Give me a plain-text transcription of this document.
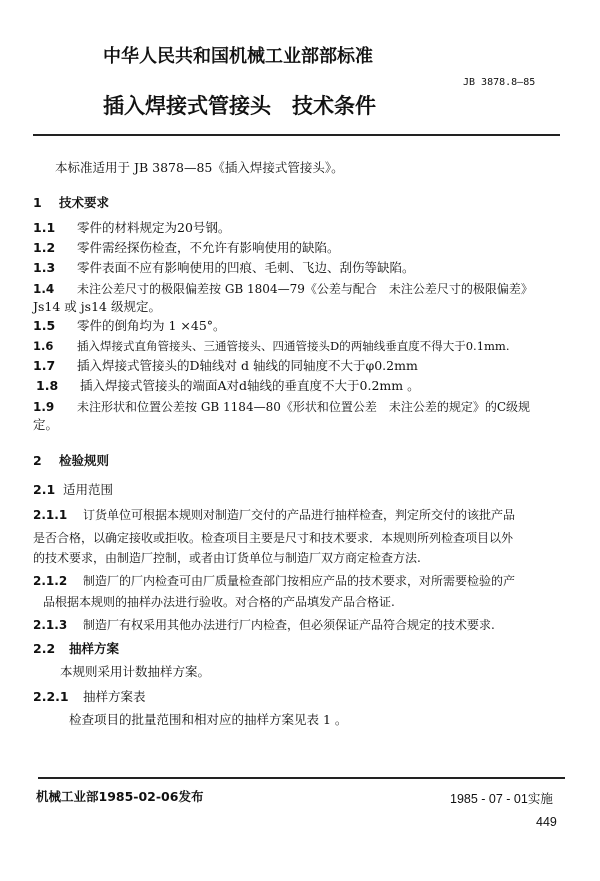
中华人民共和国机械工业部部标准
JB 3878.8—85
插入焊接式管接头　技术条件
本标准适用于 JB 3878—85《插入焊接式管接头》。
1 技术要求
1.1 零件的材料规定为20号钢。
1.2 零件需经探伤检查，不允许有影响使用的缺陷。
1.3 零件表面不应有影响使用的凹痕、毛刺、飞边、刮伤等缺陷。
1.4 未注公差尺寸的极限偏差按 GB 1804—79《公差与配合　未注公差尺寸的极限偏差》
Js14 或 js14 级规定。
1.5 零件的倒角均为 1 ×45°。
1.6 插入焊接式直角管接头、三通管接头、四通管接头D的两轴线垂直度不得大于0.1mm.
1.7 插入焊接式管接头的D轴线对 d 轴线的同轴度不大于φ0.2mm
1.8 插入焊接式管接头的端面A对d轴线的垂直度不大于0.2mm 。
1.9 未注形状和位置公差按 GB 1184—80《形状和位置公差　未注公差的规定》的C级规
定。
2 检验规则
2.1 适用范围
2.1.1 订货单位可根据本规则对制造厂交付的产品进行抽样检查，判定所交付的该批产品
是否合格，以确定接收或拒收。检查项目主要是尺寸和技术要求．本规则所列检查项目以外
的技术要求，由制造厂控制，或者由订货单位与制造厂双方商定检查方法.
2.1.2 制造厂的厂内检查可由厂质量检查部门按相应产品的技术要求，对所需要检验的产
品根据本规则的抽样办法进行验收。对合格的产品填发产品合格证.
2.1.3 制造厂有权采用其他办法进行厂内检查，但必须保证产品符合规定的技术要求.
2.2 抽样方案
本规则采用计数抽样方案。
2.2.1 抽样方案表
检查项目的批量范围和相对应的抽样方案见表 1 。
机械工业部1985-02-06发布	1985 - 07 - 01实施
449
